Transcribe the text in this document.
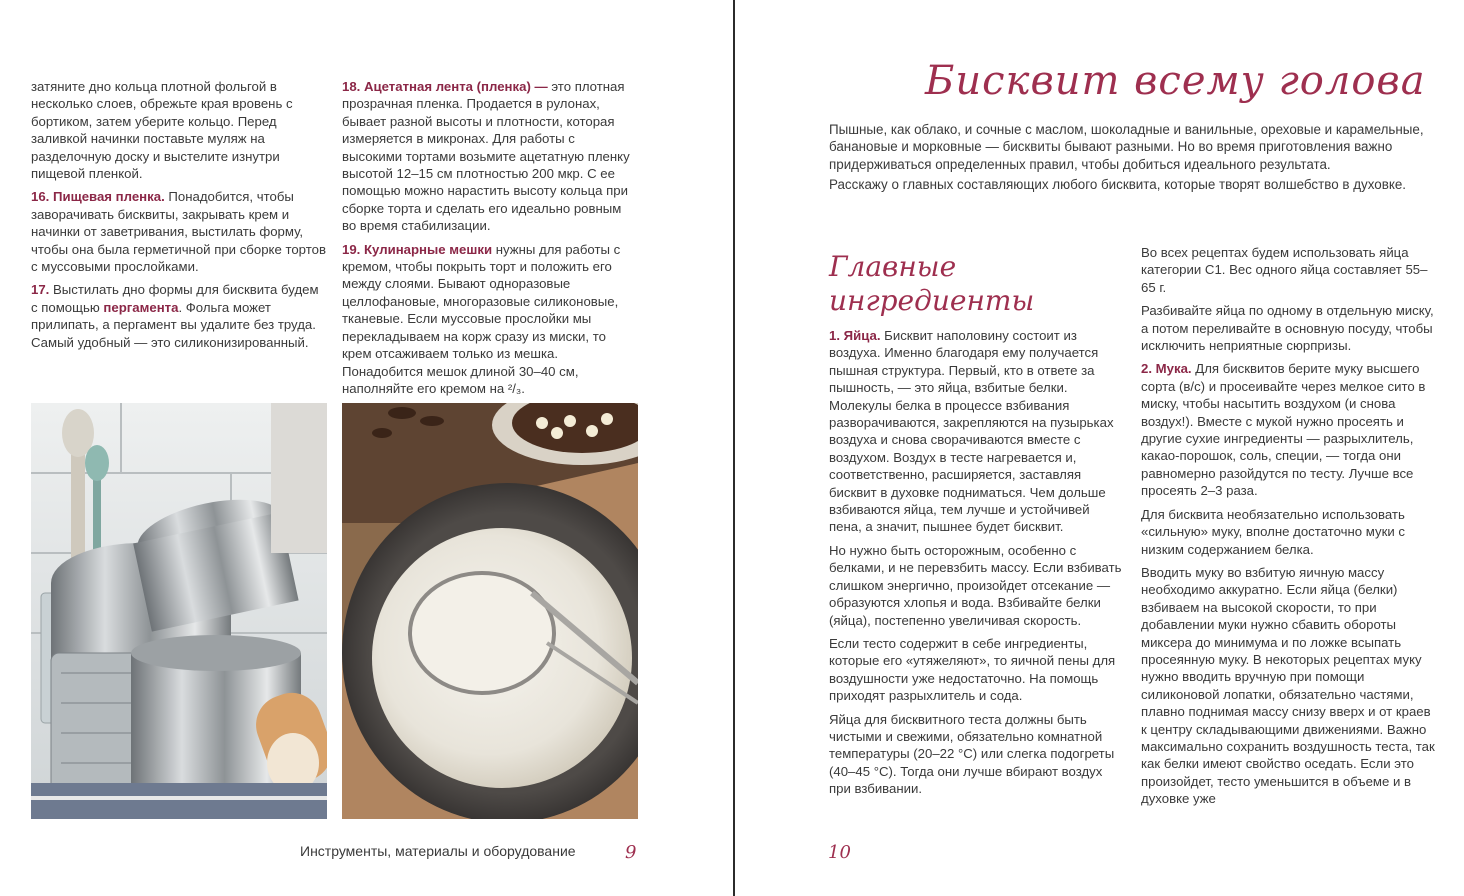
затяните дно кольца плотной фольгой в несколько слоев, обрежьте края вровень с бортиком, затем уберите кольцо. Перед заливкой начинки поставьте муляж на разделочную доску и выстелите изнутри пищевой пленкой.

16. Пищевая пленка. Понадобится, чтобы заворачивать бисквиты, закрывать крем и начинки от заветривания, выстилать форму, чтобы она была герметичной при сборке тортов с муссовыми прослойками.

17. Выстилать дно формы для бисквита будем с помощью пергамента. Фольга может прилипать, а пергамент вы удалите без труда. Самый удобный — это силиконизированный.

18. Ацетатная лента (пленка) — это плотная прозрачная пленка. Продается в рулонах, бывает разной высоты и плотности, которая измеряется в микронах. Для работы с высокими тортами возьмите ацетатную пленку высотой 12–15 см плотностью 200 мкр. С ее помощью можно нарастить высоту кольца при сборке торта и сделать его идеально ровным во время стабилизации.

19. Кулинарные мешки нужны для работы с кремом, чтобы покрыть торт и положить его между слоями. Бывают одноразовые целлофановые, многоразовые силиконовые, тканевые. Если муссовые прослойки мы перекладываем на корж сразу из миски, то крем отсаживаем только из мешка. Понадобится мешок длиной 30–40 см, наполняйте его кремом на ²/₃.

Инструменты, материалы и оборудование	9
Бисквит всему голова

Пышные, как облако, и сочные с маслом, шоколадные и ванильные, ореховые и карамельные, банановые и морковные — бисквиты бывают разными. Но во время приготовления важно придерживаться определенных правил, чтобы добиться идеального результата.

Расскажу о главных составляющих любого бисквита, которые творят волшебство в духовке.

Главные
ингредиенты

1. Яйца. Бисквит наполовину состоит из воздуха. Именно благодаря ему получается пышная структура. Первый, кто в ответе за пышность, — это яйца, взбитые белки. Молекулы белка в процессе взбивания разворачиваются, закрепляются на пузырьках воздуха и снова сворачиваются вместе с воздухом. Воздух в тесте нагревается и, соответственно, расширяется, заставляя бисквит в духовке подниматься. Чем дольше взбиваются яйца, тем лучше и устойчивей пена, а значит, пышнее будет бисквит.

Но нужно быть осторожным, особенно с белками, и не перевзбить массу. Если взбивать слишком энергично, произойдет отсекание — образуются хлопья и вода. Взбивайте белки (яйца), постепенно увеличивая скорость.

Если тесто содержит в себе ингредиенты, которые его «утяжеляют», то яичной пены для воздушности уже недостаточно. На помощь приходят разрыхлитель и сода.

Яйца для бисквитного теста должны быть чистыми и свежими, обязательно комнатной температуры (20–22 °С) или слегка подогреты (40–45 °С). Тогда они лучше вбирают воздух при взбивании.

Во всех рецептах будем использовать яйца категории С1. Вес одного яйца составляет 55–65 г.

Разбивайте яйца по одному в отдельную миску, а потом переливайте в основную посуду, чтобы исключить неприятные сюрпризы.

2. Мука. Для бисквитов берите муку высшего сорта (в/с) и просеивайте через мелкое сито в миску, чтобы насытить воздухом (и снова воздух!). Вместе с мукой нужно просеять и другие сухие ингредиенты — разрыхлитель, какао-порошок, соль, специи, — тогда они равномерно разойдутся по тесту. Лучше все просеять 2–3 раза.

Для бисквита необязательно использовать «сильную» муку, вполне достаточно муки с низким содержанием белка.

Вводить муку во взбитую яичную массу необходимо аккуратно. Если яйца (белки) взбиваем на высокой скорости, то при добавлении муки нужно сбавить обороты миксера до минимума и по ложке всыпать просеянную муку. В некоторых рецептах муку нужно вводить вручную при помощи силиконовой лопатки, обязательно частями, плавно поднимая массу снизу вверх и от краев к центру складывающими движениями. Важно максимально сохранить воздушность теста, так как белки имеют свойство оседать. Если это произойдет, тесто уменьшится в объеме и в духовке уже

10
